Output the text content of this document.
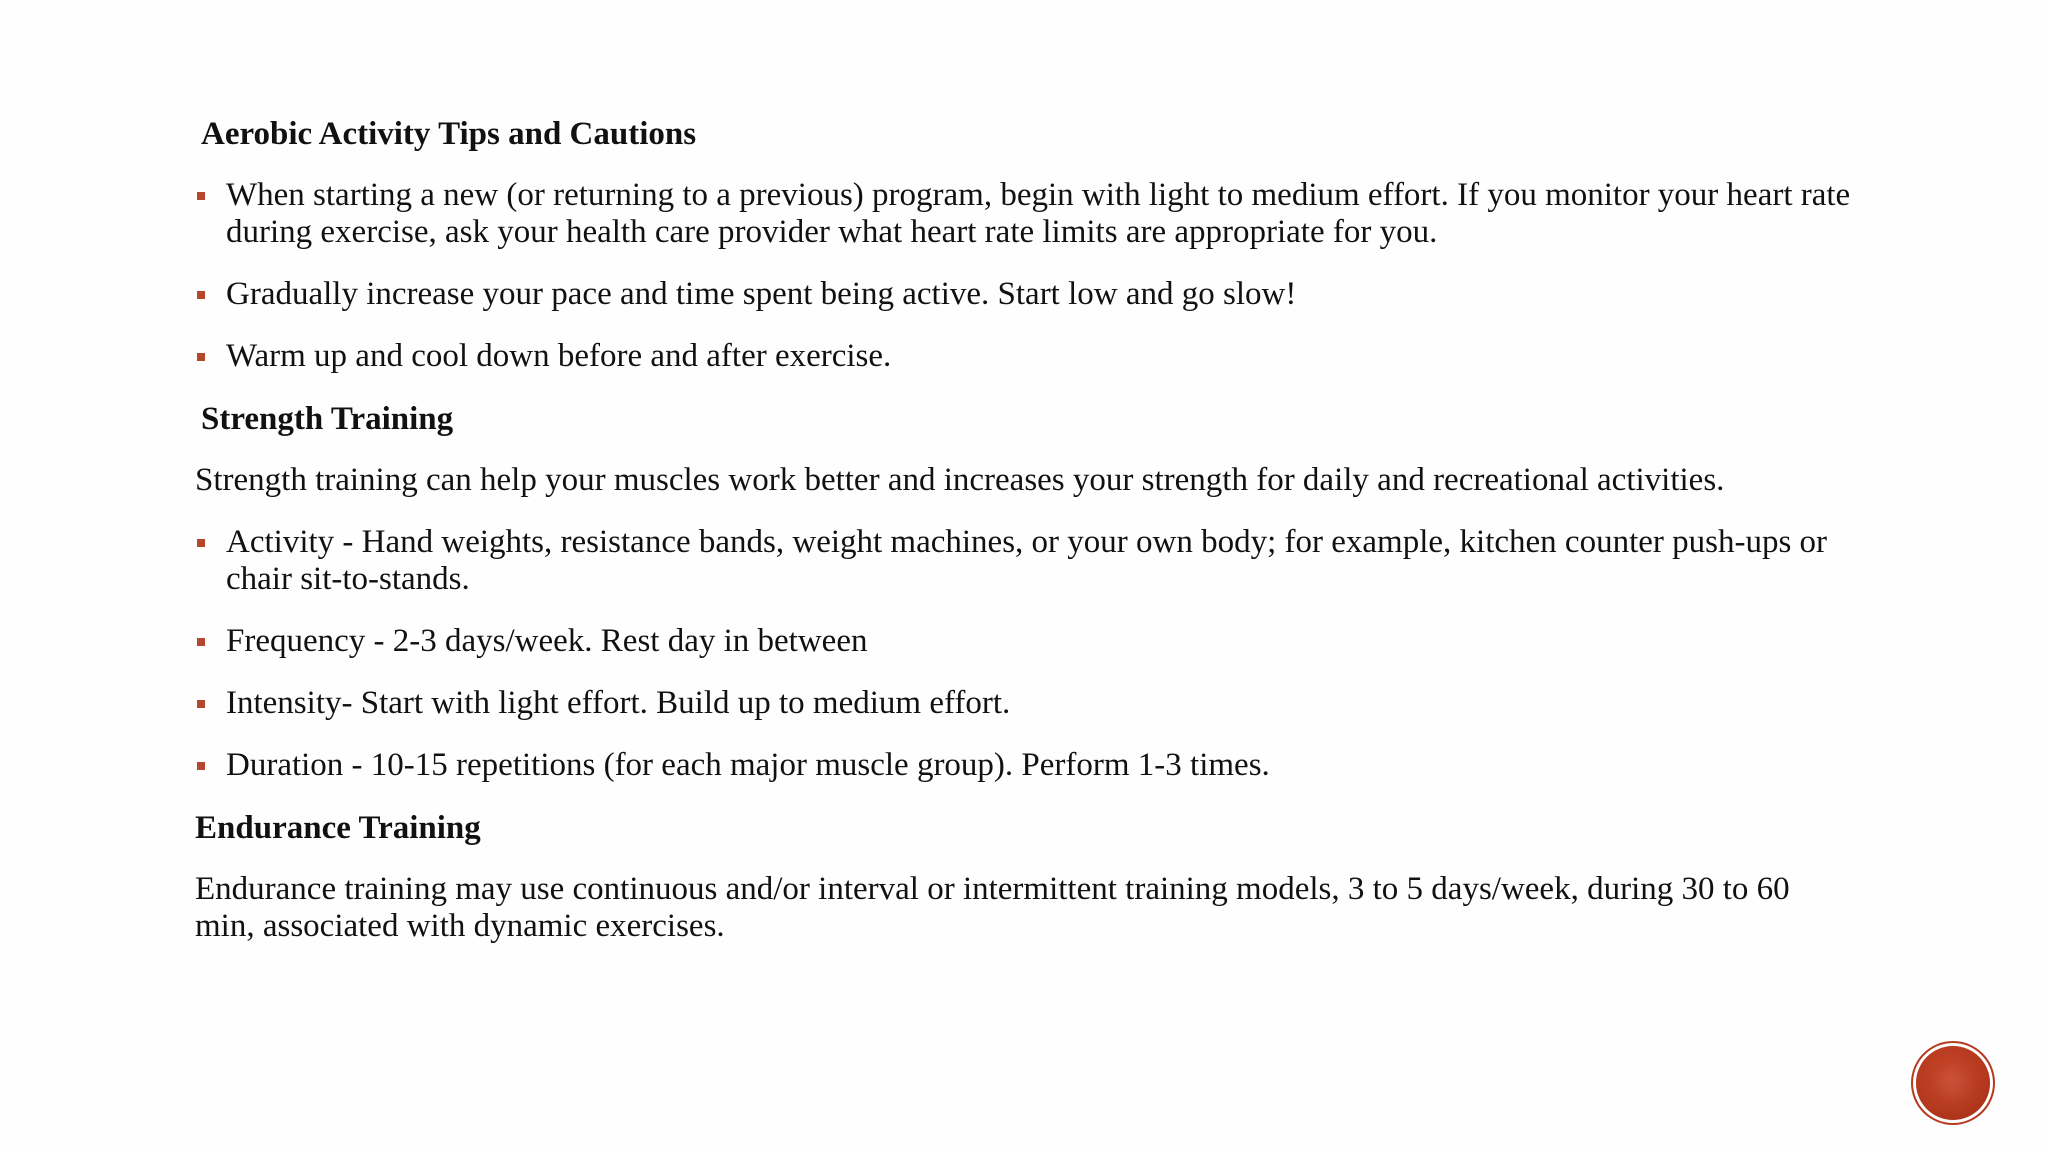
Aerobic Activity Tips and Cautions
When starting a new (or returning to a previous) program, begin with light to medium effort. If you monitor your heart rate during exercise, ask your health care provider what heart rate limits are appropriate for you.
Gradually increase your pace and time spent being active. Start low and go slow!
Warm up and cool down before and after exercise.
Strength Training
Strength training can help your muscles work better and increases your strength for daily and recreational activities.
Activity - Hand weights, resistance bands, weight machines, or your own body; for example, kitchen counter push-ups or chair sit-to-stands.
Frequency - 2-3 days/week. Rest day in between
Intensity- Start with light effort. Build up to medium effort.
Duration - 10-15 repetitions (for each major muscle group). Perform 1-3 times.
Endurance Training
Endurance training may use continuous and/or interval or intermittent training models, 3 to 5 days/week, during 30 to 60 min, associated with dynamic exercises.
